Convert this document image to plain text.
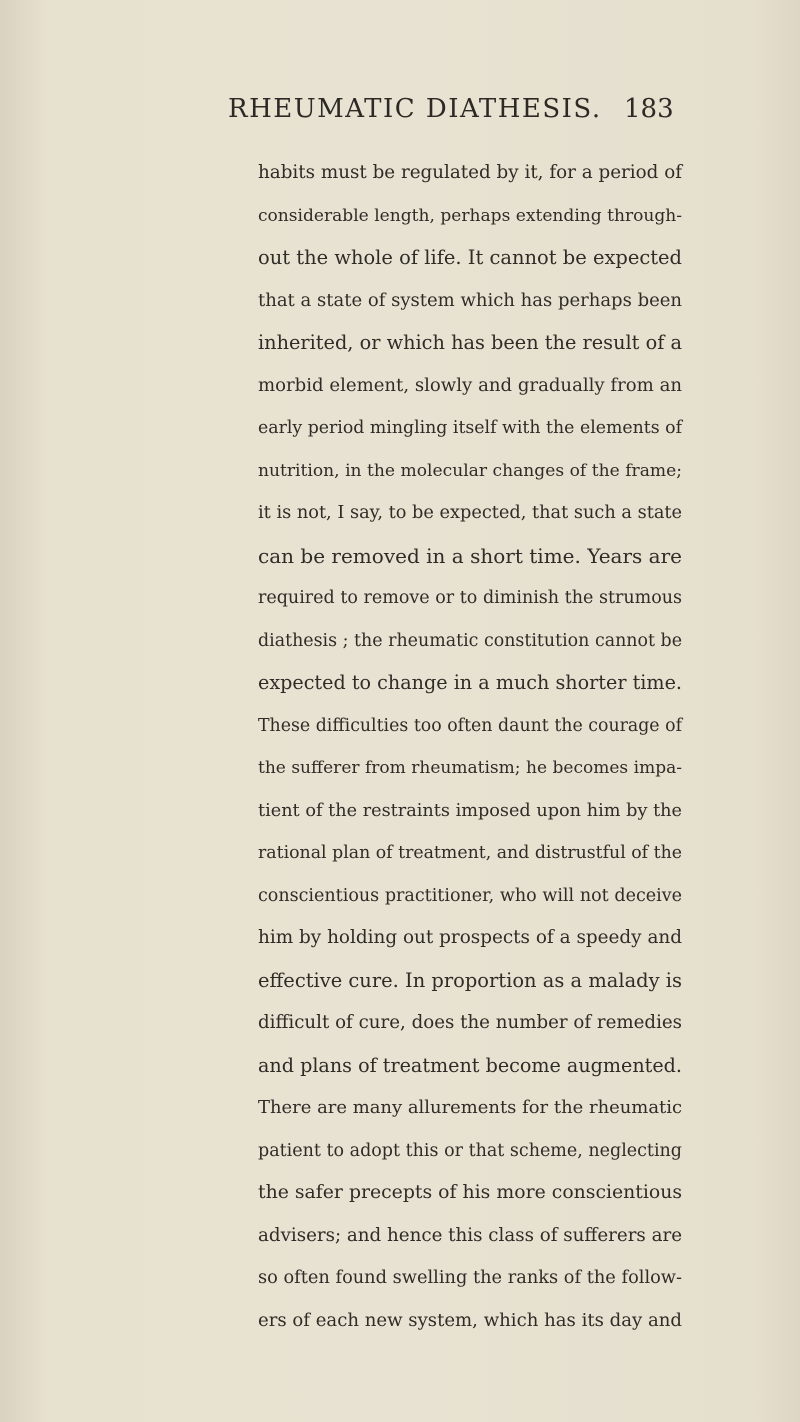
RHEUMATIC DIATHESIS. 183
habits must be regulated by it, for a period of
considerable length, perhaps extending through-
out the whole of life. It cannot be expected
that a state of system which has perhaps been
inherited, or which has been the result of a
morbid element, slowly and gradually from an
early period mingling itself with the elements of
nutrition, in the molecular changes of the frame;
it is not, I say, to be expected, that such a state
can be removed in a short time. Years are
required to remove or to diminish the strumous
diathesis ; the rheumatic constitution cannot be
expected to change in a much shorter time.
These difficulties too often daunt the courage of
the sufferer from rheumatism; he becomes impa-
tient of the restraints imposed upon him by the
rational plan of treatment, and distrustful of the
conscientious practitioner, who will not deceive
him by holding out prospects of a speedy and
effective cure. In proportion as a malady is
difficult of cure, does the number of remedies
and plans of treatment become augmented.
There are many allurements for the rheumatic
patient to adopt this or that scheme, neglecting
the safer precepts of his more conscientious
advisers; and hence this class of sufferers are
so often found swelling the ranks of the follow-
ers of each new system, which has its day and
